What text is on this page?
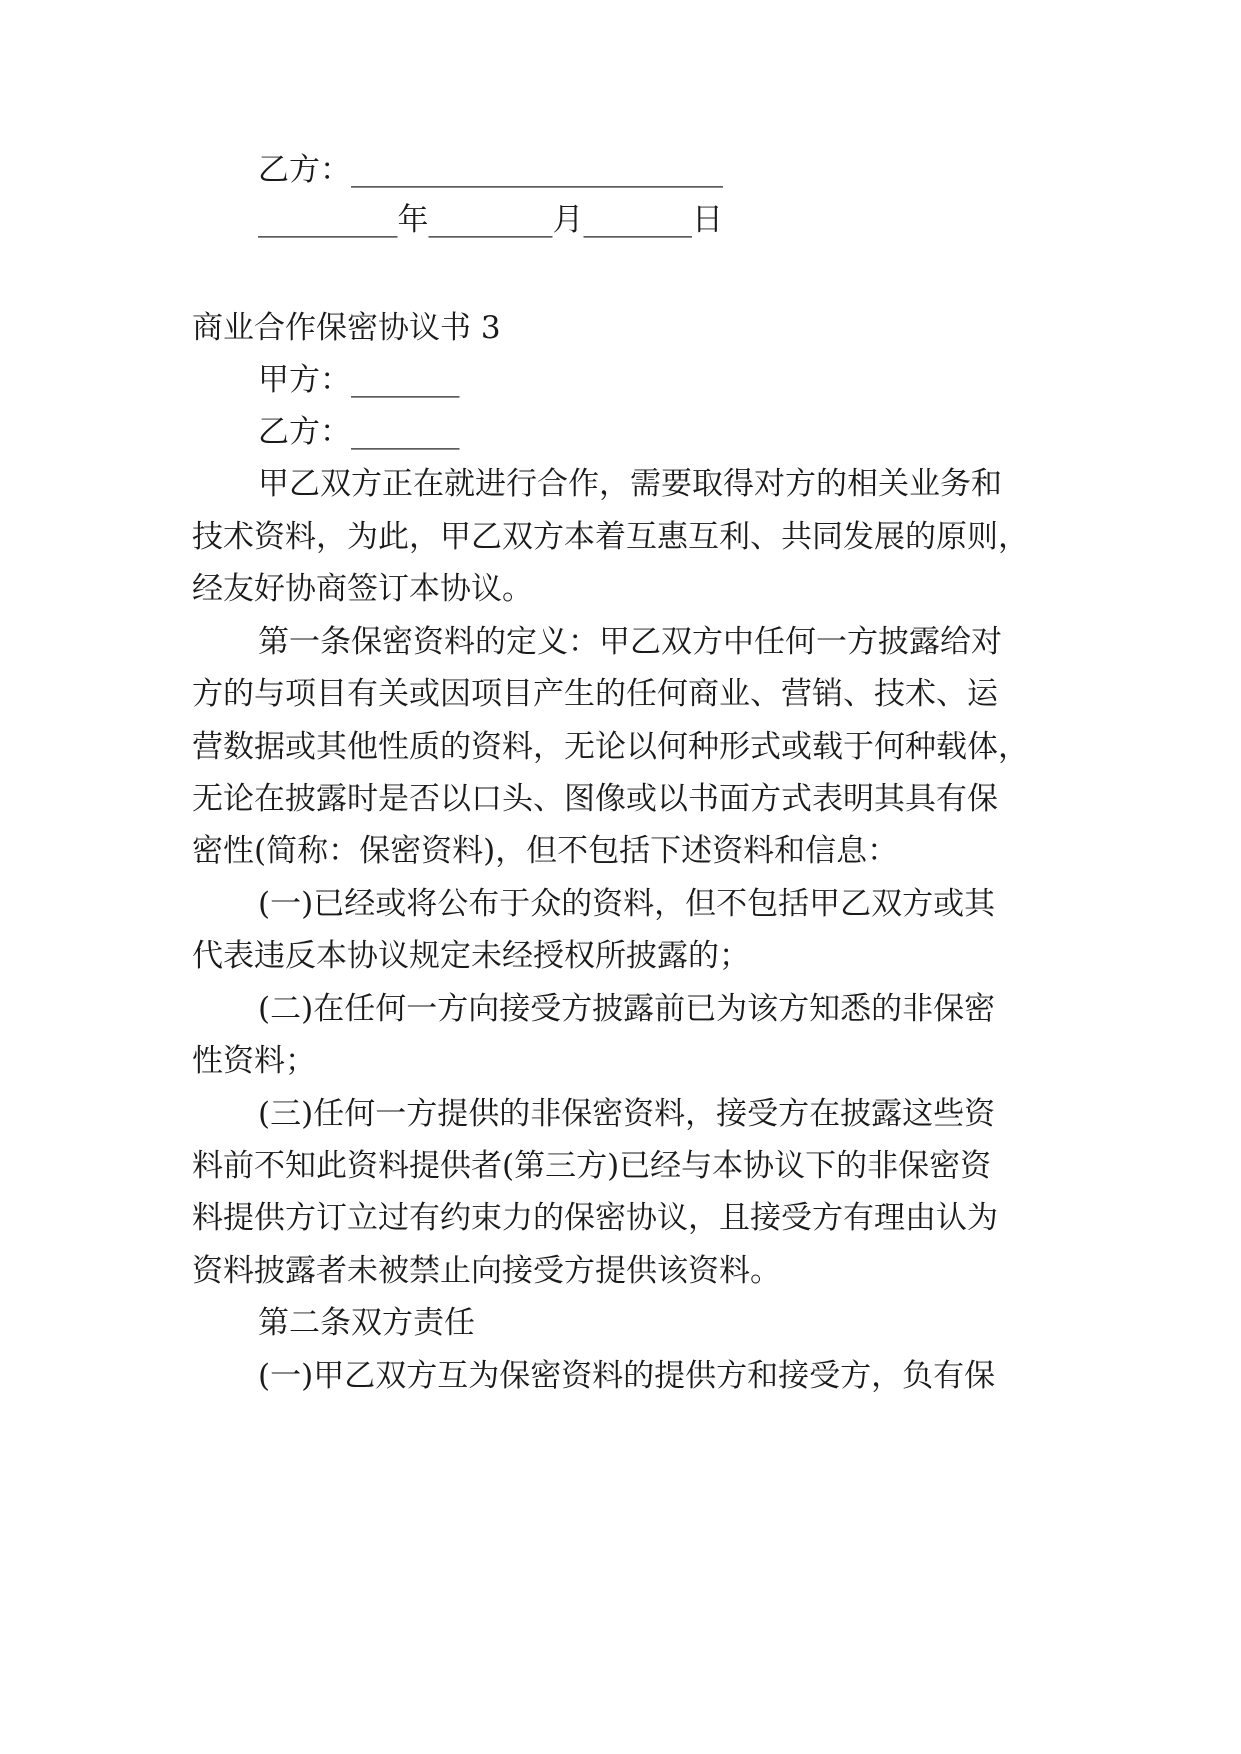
乙方：________________________
_________年________月_______日
商业合作保密协议书 3
甲方：_______
乙方：_______
甲乙双方正在就进行合作，需要取得对方的相关业务和
技术资料，为此，甲乙双方本着互惠互利、共同发展的原则，
经友好协商签订本协议。
第一条保密资料的定义：甲乙双方中任何一方披露给对
方的与项目有关或因项目产生的任何商业、营销、技术、运
营数据或其他性质的资料，无论以何种形式或载于何种载体，
无论在披露时是否以口头、图像或以书面方式表明其具有保
密性(简称：保密资料)，但不包括下述资料和信息：
(一)已经或将公布于众的资料，但不包括甲乙双方或其
代表违反本协议规定未经授权所披露的；
(二)在任何一方向接受方披露前已为该方知悉的非保密
性资料；
(三)任何一方提供的非保密资料，接受方在披露这些资
料前不知此资料提供者(第三方)已经与本协议下的非保密资
料提供方订立过有约束力的保密协议，且接受方有理由认为
资料披露者未被禁止向接受方提供该资料。
第二条双方责任
(一)甲乙双方互为保密资料的提供方和接受方，负有保
